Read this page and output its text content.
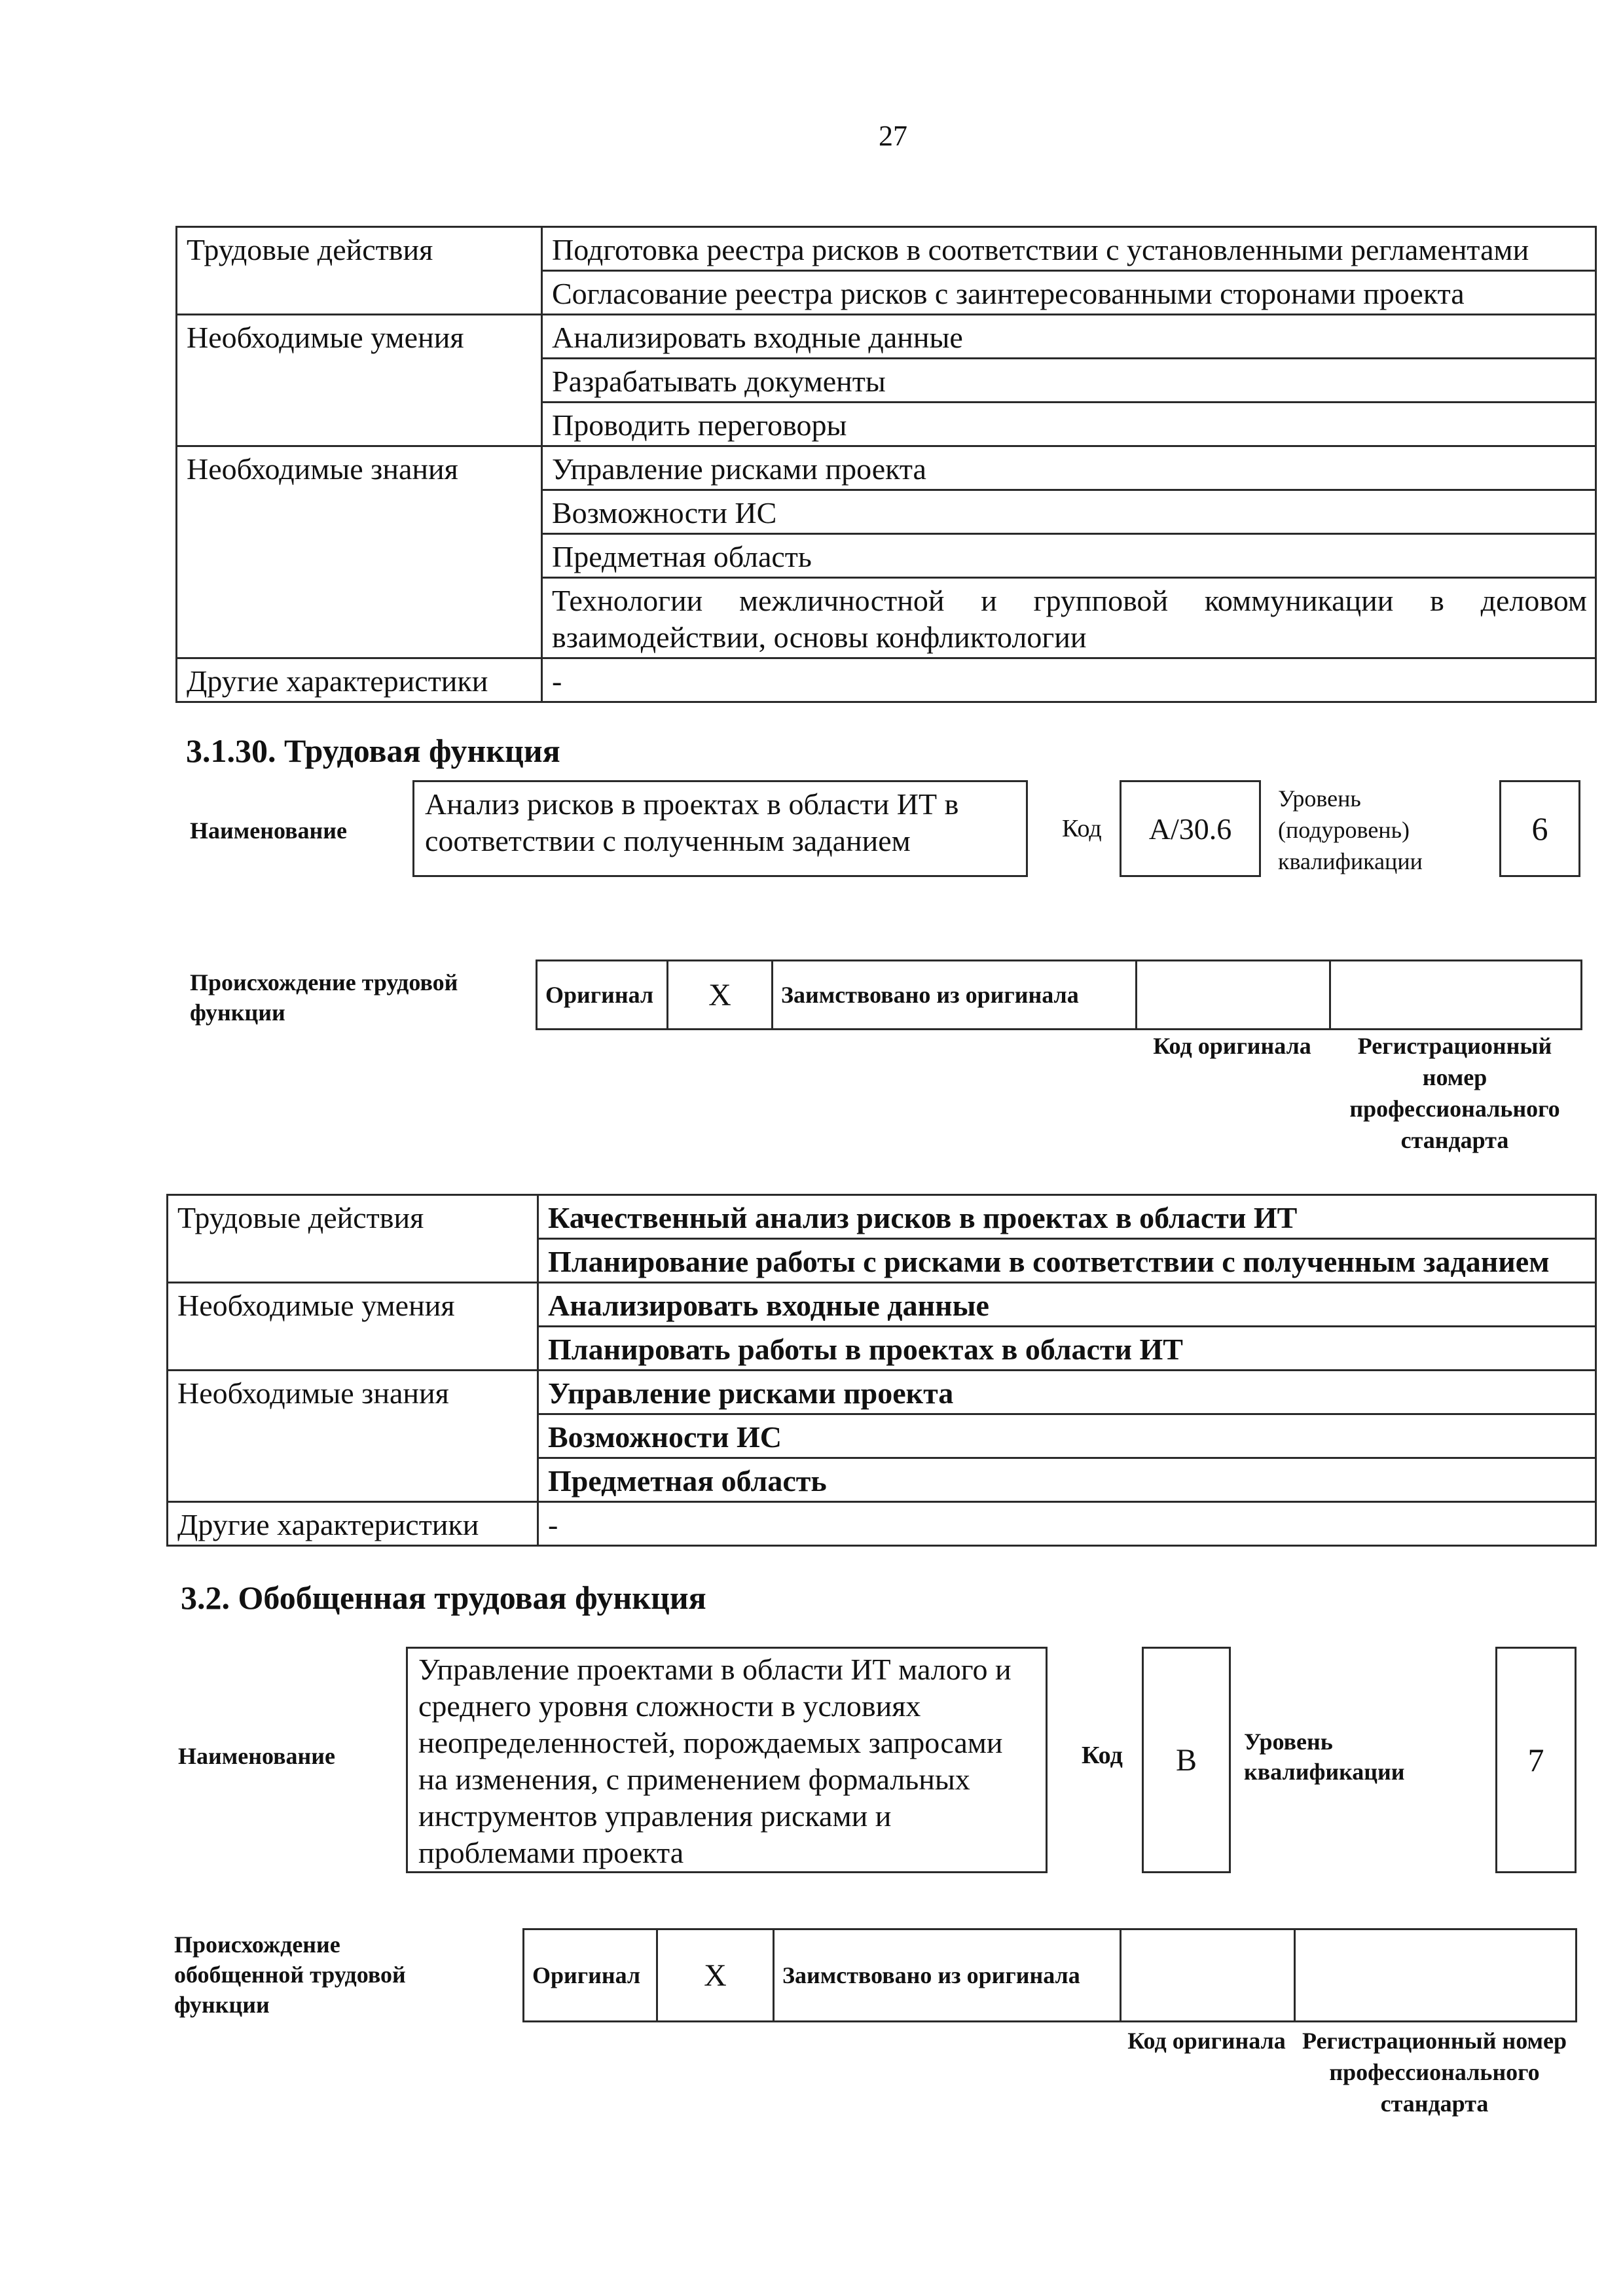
27
Трудовые действия	Подготовка реестра рисков в соответствии с установленными регламентами
	Согласование реестра рисков с заинтересованными сторонами проекта
Необходимые умения	Анализировать входные данные
	Разрабатывать документы
	Проводить переговоры
Необходимые знания	Управление рисками проекта
	Возможности ИС
	Предметная область
	Технологии межличностной и групповой коммуникации в деловом взаимодействии, основы конфликтологии
Другие характеристики	-
3.1.30. Трудовая функция
Наименование
Анализ рисков в проектах в области ИТ в соответствии с полученным заданием	Код	A/30.6
Уровень (подуровень) квалификации
6
Происхождение трудовой функции
Оригинал	X	Заимствовано из оригинала		
Код оригинала	Регистрационный номер профессионального стандарта
Трудовые действия	Качественный анализ рисков в проектах в области ИТ
	Планирование работы с рисками в соответствии с полученным заданием
Необходимые умения	Анализировать входные данные
	Планировать работы в проектах в области ИТ
Необходимые знания	Управление рисками проекта
	Возможности ИС
	Предметная область
Другие характеристики	-
3.2. Обобщенная трудовая функция
Наименование
Управление проектами в области ИТ малого и среднего уровня сложности в условиях неопределенностей, порождаемых запросами на изменения, с применением формальных инструментов управления рисками и проблемами проекта
Код	B
Уровень квалификации	7
Происхождение обобщенной трудовой функции
Оригинал	X	Заимствовано из оригинала		
Код оригинала Регистрационный номер профессионального стандарта
